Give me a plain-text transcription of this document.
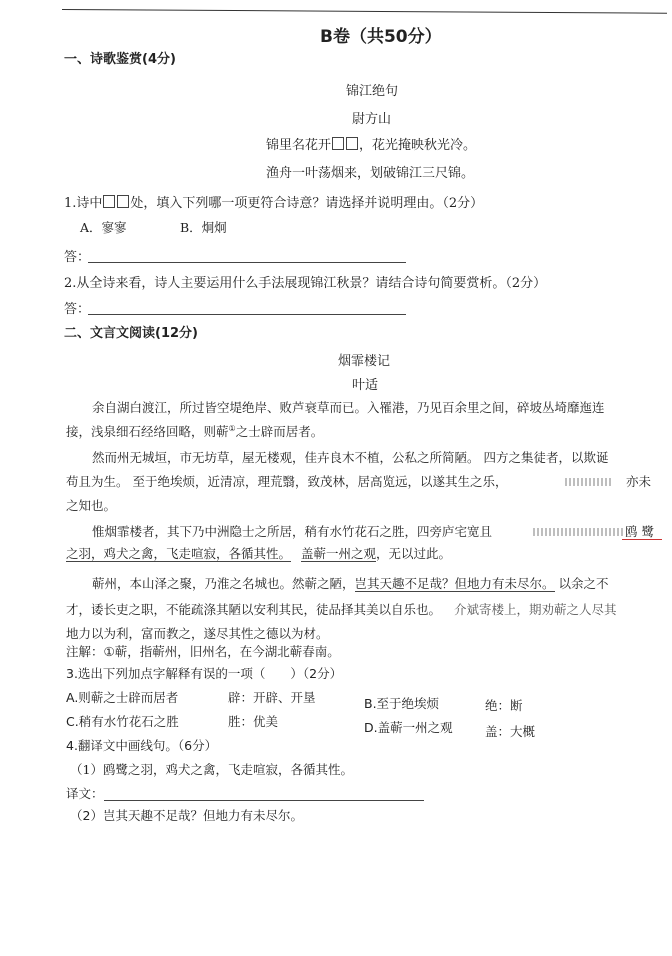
B卷（共50分）
一、诗歌鉴赏(4分)
锦江绝句
尉方山
锦里名花开 ，花光掩映秋光冷。
渔舟一叶荡烟来，划破锦江三尺锦。
1.诗中 处，填入下列哪一项更符合诗意？请选择并说明理由。（2分）
A．寥寥	B．炯炯
答：
2.从全诗来看，诗人主要运用什么手法展现锦江秋景？请结合诗句简要赏析。（2分）
答：
二、文言文阅读(12分)
烟霏楼记
叶适
余自湖白渡江，所过皆空堤绝岸、败芦衰草而已。入罹港，乃见百余里之间，碎坡丛埼靡迤连
接，浅泉细石经络回略，则蕲①之士辟而居者。
然而州无城垣，市无坊草，屋无楼观，佳卉良木不植，公私之所简陋。 四方之集徒者，以欺诞
苟且为生。 至于绝埃烦，近清凉，理荒翳，致茂林，居高览远，以遂其生之乐，	亦未
之知也。
惟烟霏楼者，其下乃中洲隐士之所居，稍有水竹花石之胜，四旁庐宅宽且	鸥 鹭
之羽，鸡犬之禽，飞走喧寂，各循其性。 盖蕲一州之观，无以过此。
蕲州，本山泽之聚，乃淮之名城也。然蕲之陋，岂其天趣不足哉？但地力有未尽尔。 以余之不
才，诿长吏之职，不能疏涤其陋以安利其民，徒品择其美以自乐也。 介斌寄楼上，期劝蕲之人尽其
地力以为利，富而教之，遂尽其性之德以为材。
注解：①蕲，指蕲州，旧州名，在今湖北蕲春南。
3.选出下列加点字解释有误的一项（　　）（2分）
A.则蕲之士辟而居者	辟：开辟、开垦	B.至于绝埃烦	绝：断
C.稍有水竹花石之胜	胜：优美	D.盖蕲一州之观	盖：大概
4.翻译文中画线句。（6分）
（1）鸥鹭之羽，鸡犬之禽，飞走喧寂，各循其性。
译文：
（2）岂其天趣不足哉？但地力有未尽尔。
